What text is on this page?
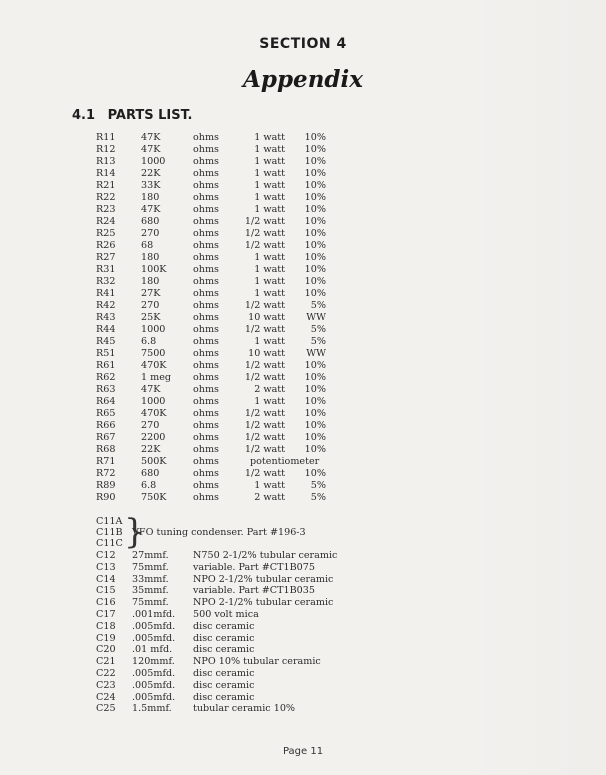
SECTION 4
Appendix
4.1 PARTS LIST.
R11	47K	ohms	1 watt	10%
R12	47K	ohms	1 watt	10%
R13	1000	ohms	1 watt	10%
R14	22K	ohms	1 watt	10%
R21	33K	ohms	1 watt	10%
R22	180	ohms	1 watt	10%
R23	47K	ohms	1 watt	10%
R24	680	ohms	1/2 watt	10%
R25	270	ohms	1/2 watt	10%
R26	68	ohms	1/2 watt	10%
R27	180	ohms	1 watt	10%
R31	100K	ohms	1 watt	10%
R32	180	ohms	1 watt	10%
R41	27K	ohms	1 watt	10%
R42	270	ohms	1/2 watt	5%
R43	25K	ohms	10 watt	WW
R44	1000	ohms	1/2 watt	5%
R45	6.8	ohms	1 watt	5%
R51	7500	ohms	10 watt	WW
R61	470K	ohms	1/2 watt	10%
R62	1 meg ohms	1/2 watt	10%
R63	47K	ohms	2 watt	10%
R64	1000	ohms	1 watt	10%
R65	470K	ohms	1/2 watt	10%
R66	270	ohms	1/2 watt	10%
R67	2200	ohms	1/2 watt	10%
R68	22K	ohms	1/2 watt	10%
R71	500K	ohms	potentiometer
R72	680	ohms	1/2 watt	10%
R89	6.8	ohms	1 watt	5%
R90	750K	ohms	2 watt	5%
C11A
C11B
C11C }
VFO tuning condenser. Part #196-3
C12 27mmf.	N750 2-1/2% tubular ceramic
C13 75mmf.	variable. Part #CT1B075
C14 33mmf.	NPO 2-1/2% tubular ceramic
C15 35mmf.	variable. Part #CT1B035
C16 75mmf.	NPO 2-1/2% tubular ceramic
C17 .001mfd. 500 volt mica
C18 .005mfd. disc ceramic
C19 .005mfd. disc ceramic
C20 .01 mfd. disc ceramic
C21 120mmf. NPO 10% tubular ceramic
C22 .005mfd. disc ceramic
C23 .005mfd. disc ceramic
C24 .005mfd. disc ceramic
C25 1.5mmf. tubular ceramic 10%
Page 11
